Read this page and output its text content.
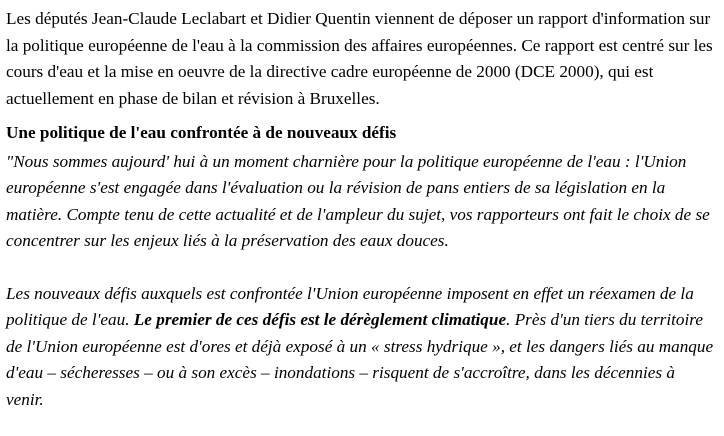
Les députés Jean-Claude Leclabart et Didier Quentin viennent de déposer un rapport d'information sur la politique européenne de l'eau à la commission des affaires européennes. Ce rapport est centré sur les cours d'eau et la mise en oeuvre de la directive cadre européenne de 2000 (DCE 2000), qui est actuellement en phase de bilan et révision à Bruxelles.

Une politique de l'eau confrontée à de nouveaux défis

"Nous sommes aujourd' hui à un moment charnière pour la politique européenne de l'eau : l'Union européenne s'est engagée dans l'évaluation ou la révision de pans entiers de sa législation en la matière. Compte tenu de cette actualité et de l'ampleur du sujet, vos rapporteurs ont fait le choix de se concentrer sur les enjeux liés à la préservation des eaux douces.

Les nouveaux défis auxquels est confrontée l'Union européenne imposent en effet un réexamen de la politique de l'eau. Le premier de ces défis est le dérèglement climatique. Près d'un tiers du territoire de l'Union européenne est d'ores et déjà exposé à un « stress hydrique », et les dangers liés au manque d'eau – sécheresses – ou à son excès – inondations – risquent de s'accroître, dans les décennies à venir.
